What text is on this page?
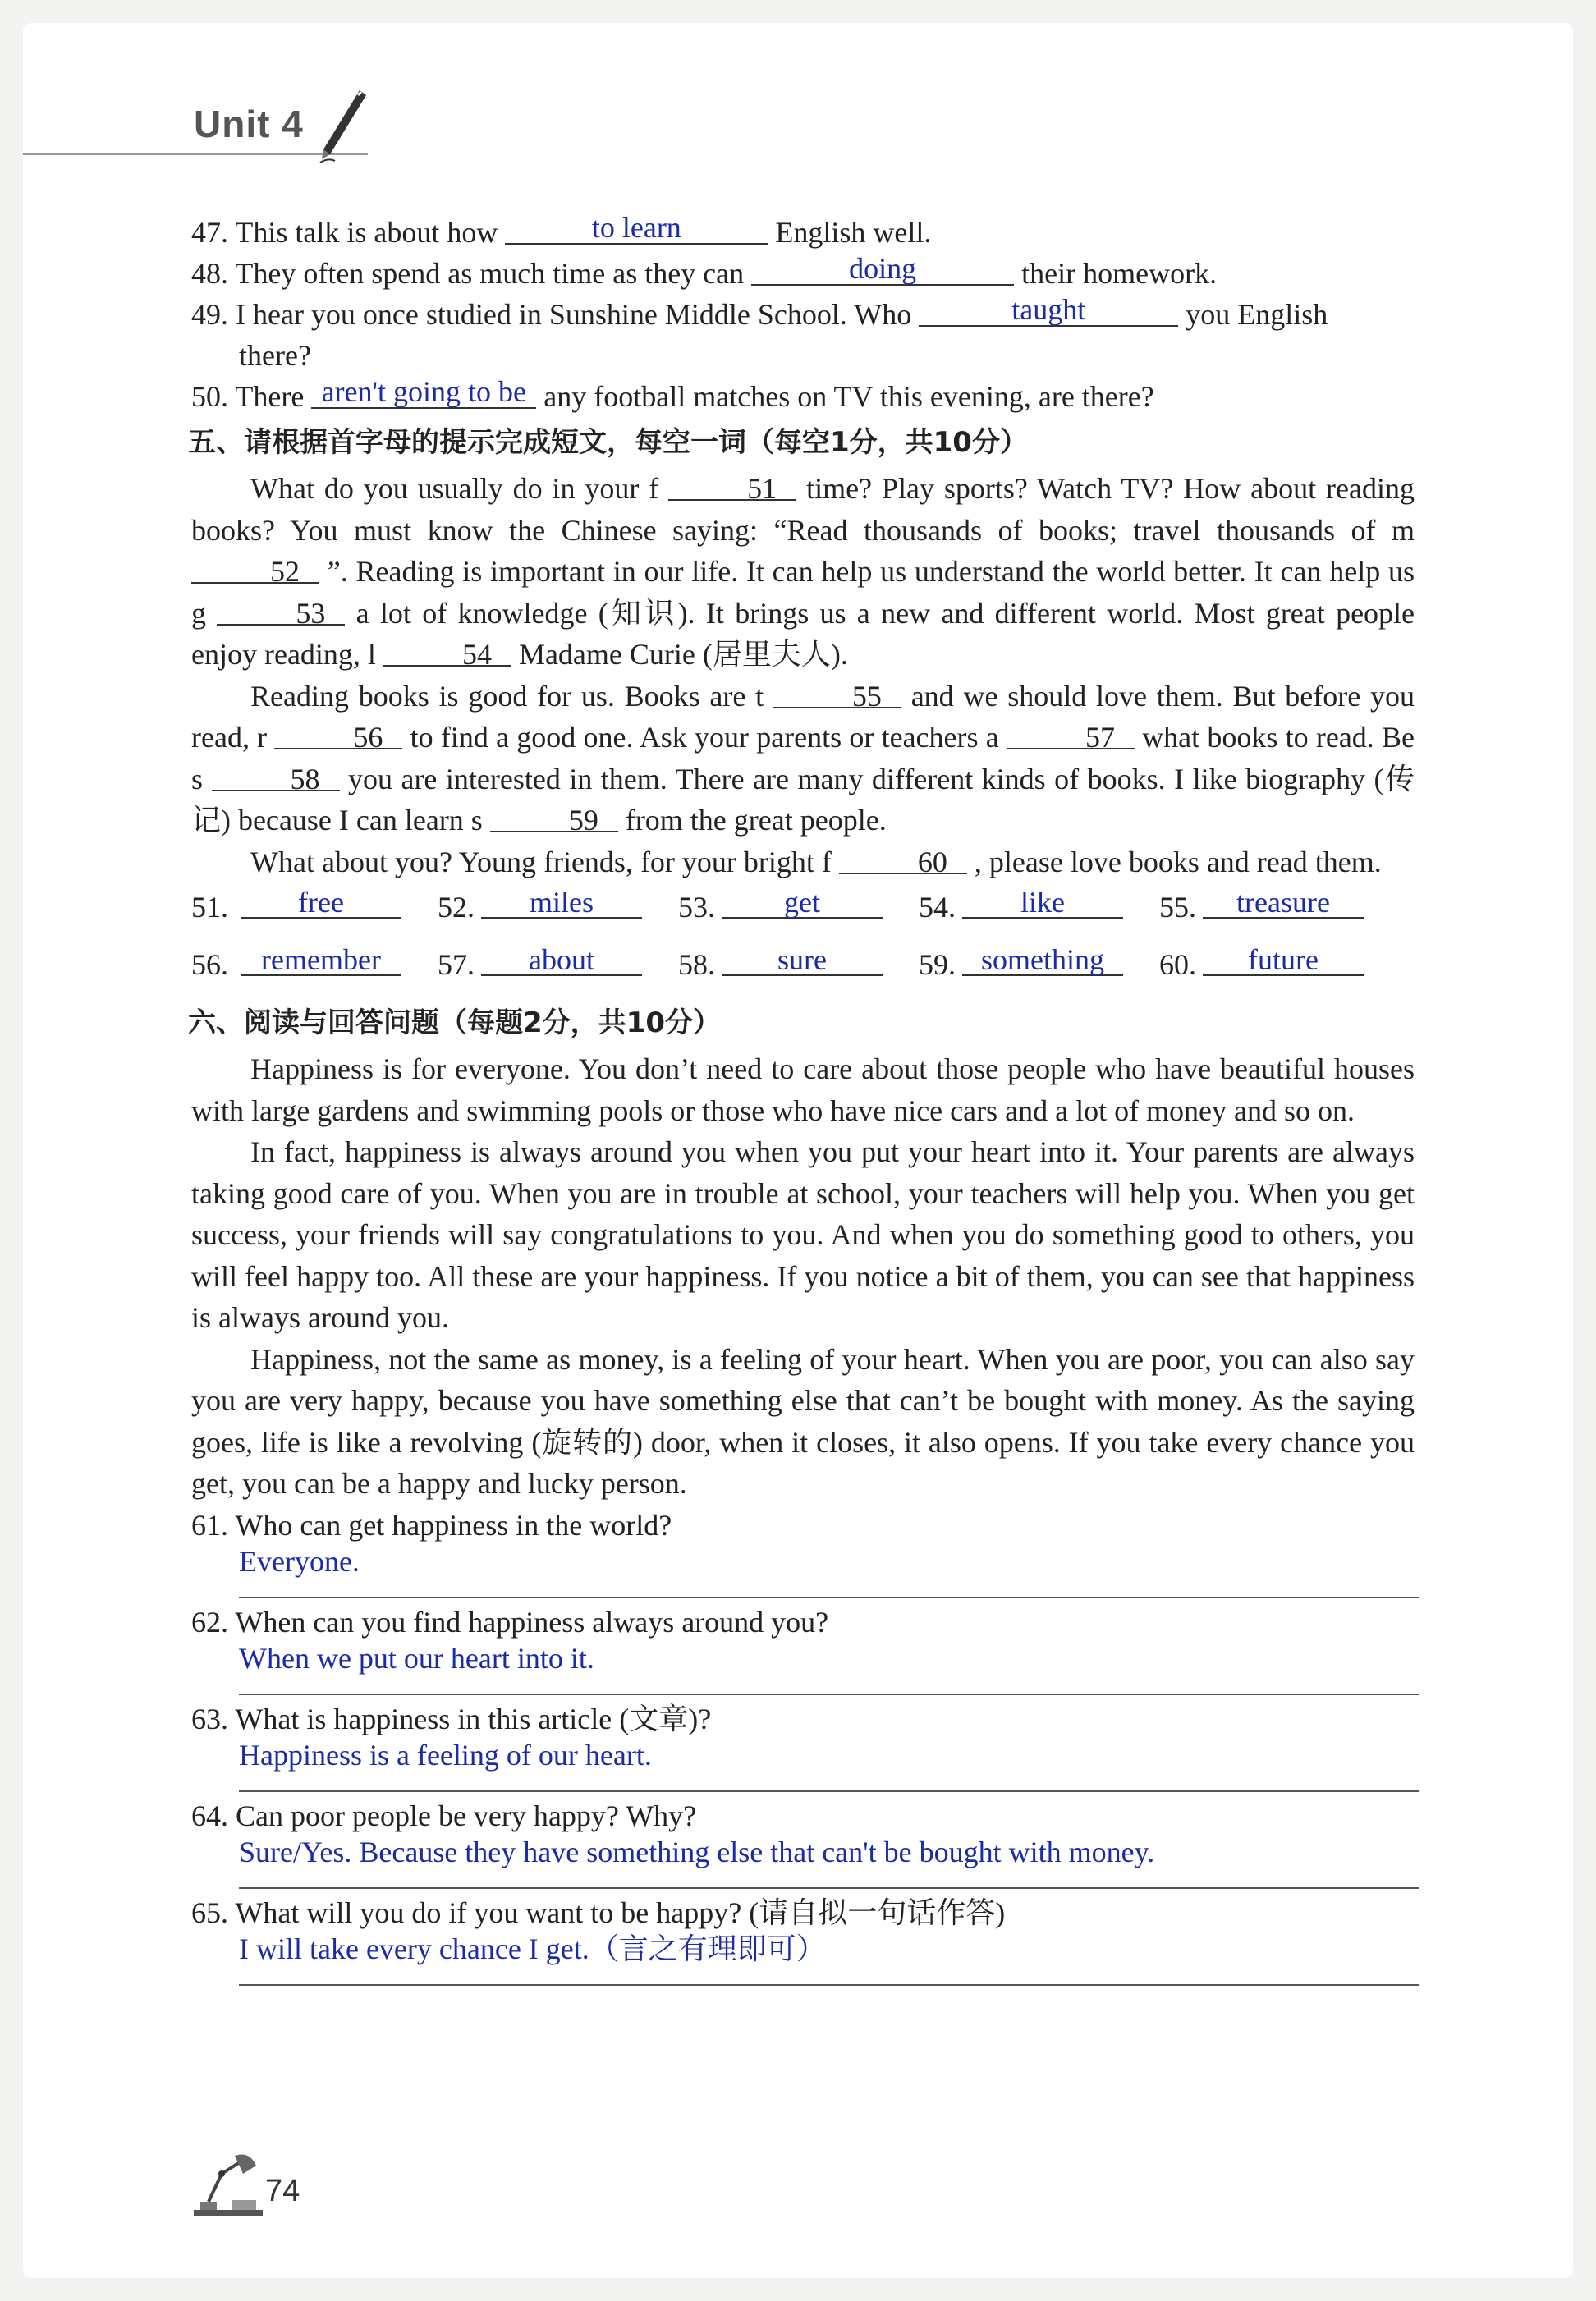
Unit 4
47. This talk is about how	to learn	English well.
48. They often spend as much time as they can	doing	their homework.
49. I hear you once studied in Sunshine Middle School. Who	taught	you English
there?
50. There aren't going to be any football matches on TV this evening, are there?
五、请根据首字母的提示完成短文，每空一词（每空1分，共10分）
What do you usually do in your f	51 time? Play sports? Watch TV? How about reading books? You must know the Chinese saying: “Read thousands of books; travel thousands of m 52 ”. Reading is important in our life. It can help us understand the world better. It can help us g	53 a lot of knowledge (知识). It brings us a new and different world. Most great people enjoy reading, l	54 Madame Curie (居里夫人).
Reading books is good for us. Books are t	55 and we should love them. But before you read, r	56 to find a good one. Ask your parents or teachers a	57 what books to read. Be s	58 you are interested in them. There are many different kinds of books. I like biography (传记) because I can learn s	59 from the great people.
What about you? Young friends, for your bright f	60 , please love books and read them.
51. free	52. miles	53. get	54. like	55. treasure
56. remember 57. about	58. sure	59. something 60. future
六、阅读与回答问题（每题2分，共10分）
Happiness is for everyone. You don’t need to care about those people who have beautiful houses with large gardens and swimming pools or those who have nice cars and a lot of money and so on.
In fact, happiness is always around you when you put your heart into it. Your parents are always taking good care of you. When you are in trouble at school, your teachers will help you. When you get success, your friends will say congratulations to you. And when you do something good to others, you will feel happy too. All these are your happiness. If you notice a bit of them, you can see that happiness is always around you.
Happiness, not the same as money, is a feeling of your heart. When you are poor, you can also say you are very happy, because you have something else that can’t be bought with money. As the saying goes, life is like a revolving (旋转的) door, when it closes, it also opens. If you take every chance you get, you can be a happy and lucky person.
61. Who can get happiness in the world?
Everyone.
62. When can you find happiness always around you?
When we put our heart into it.
63. What is happiness in this article (文章)?
Happiness is a feeling of our heart.
64. Can poor people be very happy? Why?
Sure/Yes. Because they have something else that can't be bought with money.
65. What will you do if you want to be happy? (请自拟一句话作答)
I will take every chance I get.（言之有理即可）
74
